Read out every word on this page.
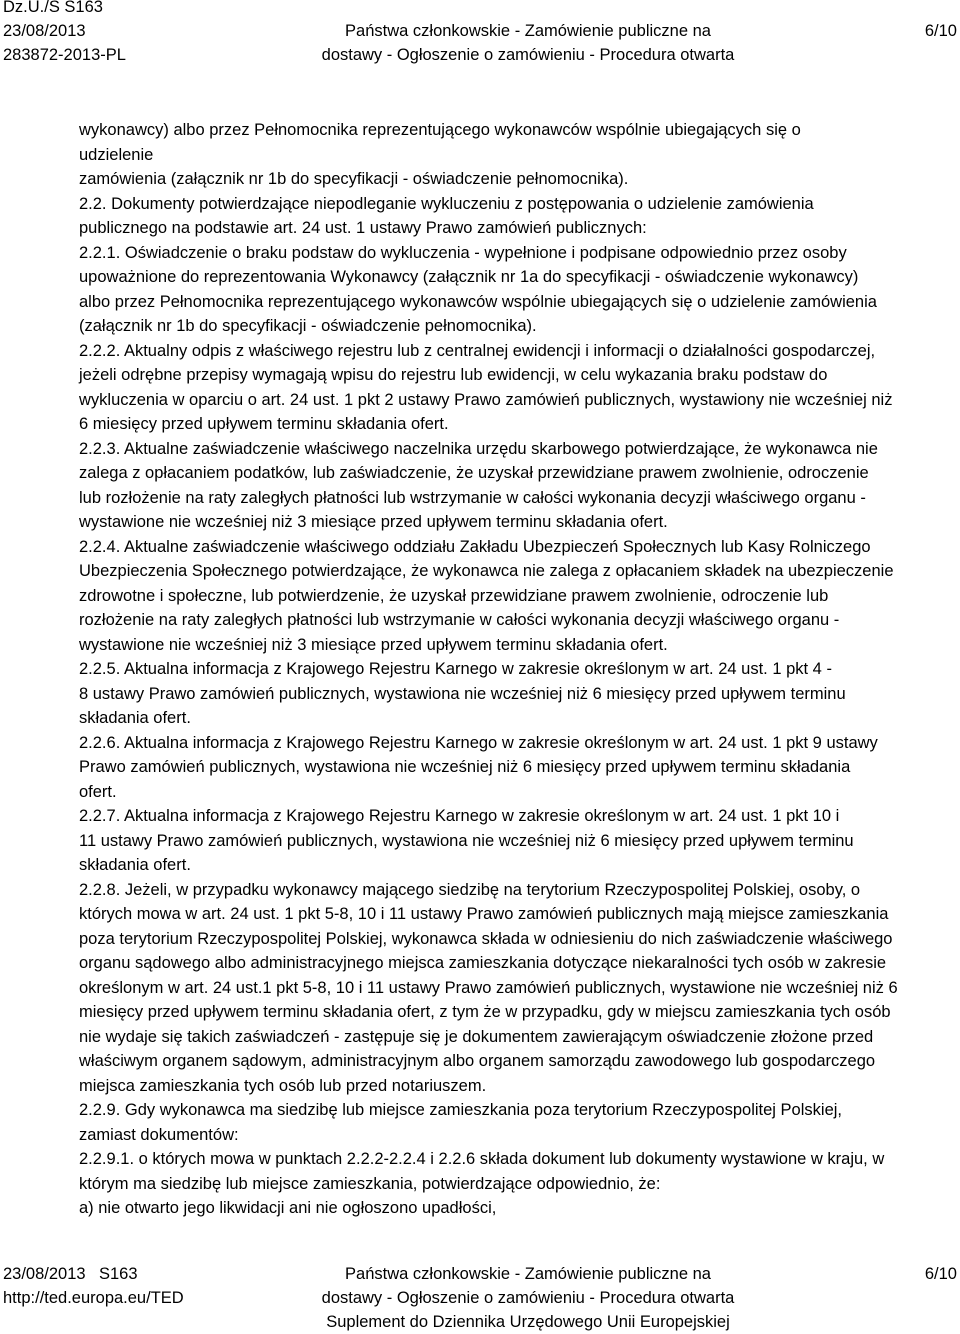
Dz.U./S S163
23/08/2013
283872-2013-PL
Państwa członkowskie - Zamówienie publiczne na
dostawy - Ogłoszenie o zamówieniu - Procedura otwarta
6/10

wykonawcy) albo przez Pełnomocnika reprezentującego wykonawców wspólnie ubiegających się o

udzielenie

zamówienia (załącznik nr 1b do specyfikacji - oświadczenie pełnomocnika).

2.2. Dokumenty potwierdzające niepodleganie wykluczeniu z postępowania o udzielenie zamówienia

publicznego na podstawie art. 24 ust. 1 ustawy Prawo zamówień publicznych:

2.2.1. Oświadczenie o braku podstaw do wykluczenia - wypełnione i podpisane odpowiednio przez osoby

upoważnione do reprezentowania Wykonawcy (załącznik nr 1a do specyfikacji - oświadczenie wykonawcy)

albo przez Pełnomocnika reprezentującego wykonawców wspólnie ubiegających się o udzielenie zamówienia

(załącznik nr 1b do specyfikacji - oświadczenie pełnomocnika).

2.2.2. Aktualny odpis z właściwego rejestru lub z centralnej ewidencji i informacji o działalności gospodarczej,

jeżeli odrębne przepisy wymagają wpisu do rejestru lub ewidencji, w celu wykazania braku podstaw do

wykluczenia w oparciu o art. 24 ust. 1 pkt 2 ustawy Prawo zamówień publicznych, wystawiony nie wcześniej niż

6 miesięcy przed upływem terminu składania ofert.

2.2.3. Aktualne zaświadczenie właściwego naczelnika urzędu skarbowego potwierdzające, że wykonawca nie

zalega z opłacaniem podatków, lub zaświadczenie, że uzyskał przewidziane prawem zwolnienie, odroczenie

lub rozłożenie na raty zaległych płatności lub wstrzymanie w całości wykonania decyzji właściwego organu -

wystawione nie wcześniej niż 3 miesiące przed upływem terminu składania ofert.

2.2.4. Aktualne zaświadczenie właściwego oddziału Zakładu Ubezpieczeń Społecznych lub Kasy Rolniczego

Ubezpieczenia Społecznego potwierdzające, że wykonawca nie zalega z opłacaniem składek na ubezpieczenie

zdrowotne i społeczne, lub potwierdzenie, że uzyskał przewidziane prawem zwolnienie, odroczenie lub

rozłożenie na raty zaległych płatności lub wstrzymanie w całości wykonania decyzji właściwego organu -

wystawione nie wcześniej niż 3 miesiące przed upływem terminu składania ofert.

2.2.5. Aktualna informacja z Krajowego Rejestru Karnego w zakresie określonym w art. 24 ust. 1 pkt 4 -

8 ustawy Prawo zamówień publicznych, wystawiona nie wcześniej niż 6 miesięcy przed upływem terminu

składania ofert.

2.2.6. Aktualna informacja z Krajowego Rejestru Karnego w zakresie określonym w art. 24 ust. 1 pkt 9 ustawy

Prawo zamówień publicznych, wystawiona nie wcześniej niż 6 miesięcy przed upływem terminu składania

ofert.

2.2.7. Aktualna informacja z Krajowego Rejestru Karnego w zakresie określonym w art. 24 ust. 1 pkt 10 i

11 ustawy Prawo zamówień publicznych, wystawiona nie wcześniej niż 6 miesięcy przed upływem terminu

składania ofert.

2.2.8. Jeżeli, w przypadku wykonawcy mającego siedzibę na terytorium Rzeczypospolitej Polskiej, osoby, o

których mowa w art. 24 ust. 1 pkt 5-8, 10 i 11 ustawy Prawo zamówień publicznych mają miejsce zamieszkania

poza terytorium Rzeczypospolitej Polskiej, wykonawca składa w odniesieniu do nich zaświadczenie właściwego

organu sądowego albo administracyjnego miejsca zamieszkania dotyczące niekaralności tych osób w zakresie

określonym w art. 24 ust.1 pkt 5-8, 10 i 11 ustawy Prawo zamówień publicznych, wystawione nie wcześniej niż 6

miesięcy przed upływem terminu składania ofert, z tym że w przypadku, gdy w miejscu zamieszkania tych osób

nie wydaje się takich zaświadczeń - zastępuje się je dokumentem zawierającym oświadczenie złożone przed

właściwym organem sądowym, administracyjnym albo organem samorządu zawodowego lub gospodarczego

miejsca zamieszkania tych osób lub przed notariuszem.

2.2.9. Gdy wykonawca ma siedzibę lub miejsce zamieszkania poza terytorium Rzeczypospolitej Polskiej,

zamiast dokumentów:

2.2.9.1. o których mowa w punktach 2.2.2-2.2.4 i 2.2.6 składa dokument lub dokumenty wystawione w kraju, w

którym ma siedzibę lub miejsce zamieszkania, potwierdzające odpowiednio, że:

a) nie otwarto jego likwidacji ani nie ogłoszono upadłości,

23/08/2013 S163
http://ted.europa.eu/TED
Państwa członkowskie - Zamówienie publiczne na
dostawy - Ogłoszenie o zamówieniu - Procedura otwarta
Suplement do Dziennika Urzędowego Unii Europejskiej
6/10
